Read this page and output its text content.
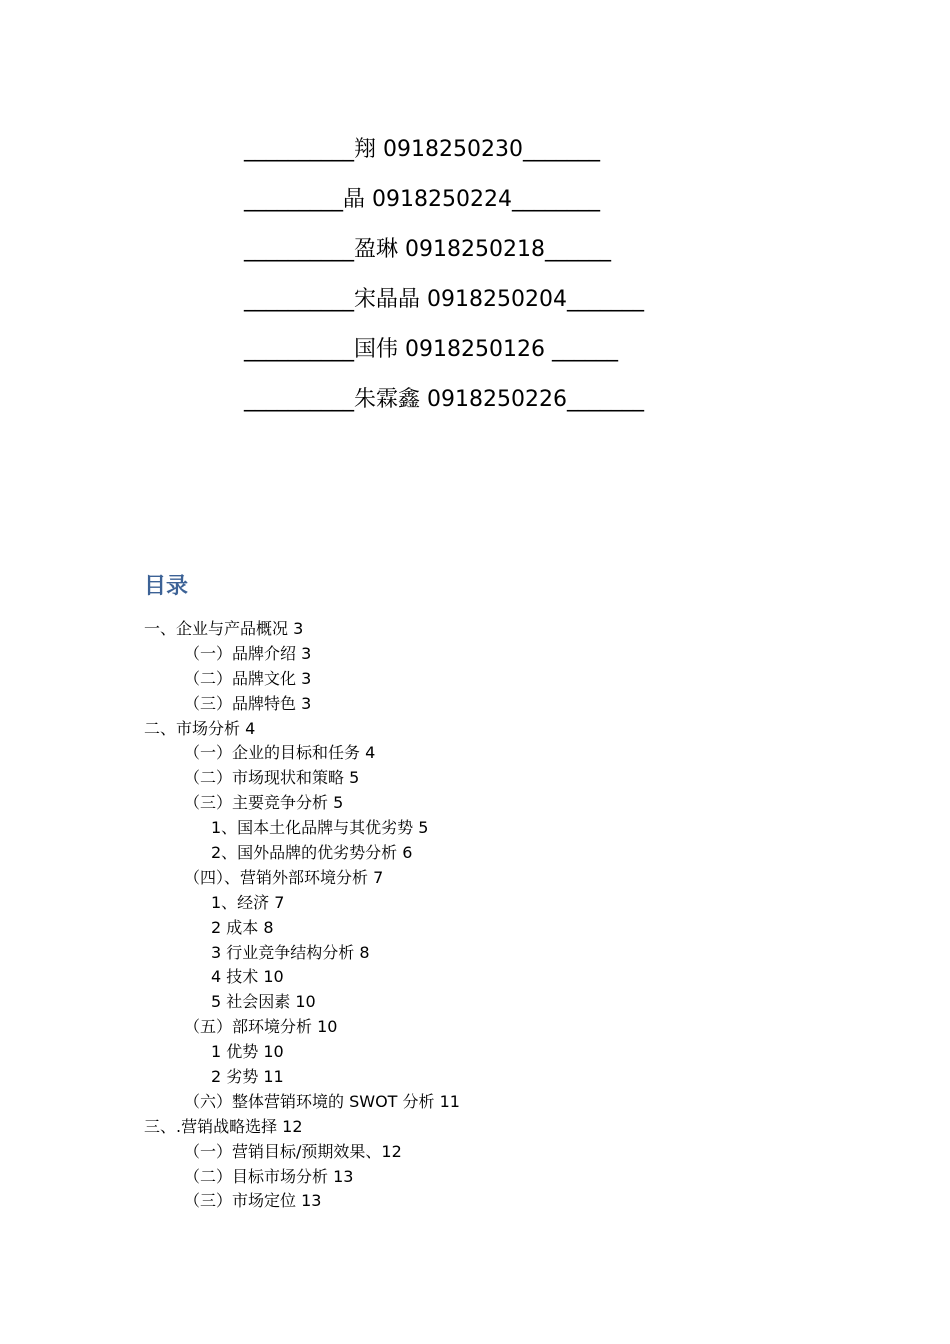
__________翔 0918250230_______
_________晶 0918250224________
__________盈琳 0918250218______
__________宋晶晶 0918250204_______
__________国伟 0918250126 ______
__________朱霖鑫 0918250226_______
目录
一、企业与产品概况 3
（一）品牌介绍 3
（二）品牌文化 3
（三）品牌特色 3
二、市场分析 4
（一）企业的目标和任务 4
（二）市场现状和策略 5
（三）主要竞争分析 5
1、国本土化品牌与其优劣势 5
2、国外品牌的优劣势分析 6
（四）、营销外部环境分析 7
1、经济 7
2 成本 8
3 行业竞争结构分析 8
4 技术 10
5 社会因素 10
（五）部环境分析 10
1 优势 10
2 劣势 11
（六）整体营销环境的 SWOT 分析 11
三、.营销战略选择 12
（一）营销目标/预期效果、12
（二）目标市场分析 13
（三）市场定位 13
